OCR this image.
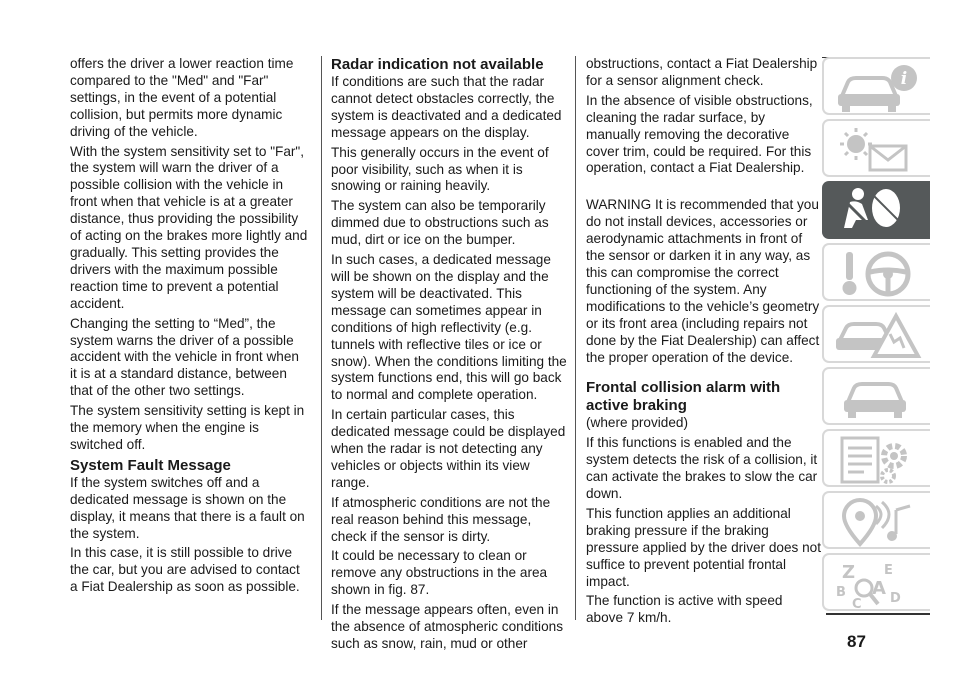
offers the driver a lower reaction time compared to the "Med" and "Far" settings, in the event of a potential collision, but permits more dynamic driving of the vehicle.

With the system sensitivity set to "Far", the system will warn the driver of a possible collision with the vehicle in front when that vehicle is at a greater distance, thus providing the possibility of acting on the brakes more lightly and gradually. This setting provides the drivers with the maximum possible reaction time to prevent a potential accident.

Changing the setting to “Med”, the system warns the driver of a possible accident with the vehicle in front when it is at a standard distance, between that of the other two settings.

The system sensitivity setting is kept in the memory when the engine is switched off.

System Fault Message

If the system switches off and a dedicated message is shown on the display, it means that there is a fault on the system.

In this case, it is still possible to drive the car, but you are advised to contact a Fiat Dealership as soon as possible.

Radar indication not available

If conditions are such that the radar cannot detect obstacles correctly, the system is deactivated and a dedicated message appears on the display.

This generally occurs in the event of poor visibility, such as when it is snowing or raining heavily.

The system can also be temporarily dimmed due to obstructions such as mud, dirt or ice on the bumper.

In such cases, a dedicated message will be shown on the display and the system will be deactivated. This message can sometimes appear in conditions of high reflectivity (e.g. tunnels with reflective tiles or ice or snow). When the conditions limiting the system functions end, this will go back to normal and complete operation.

In certain particular cases, this dedicated message could be displayed when the radar is not detecting any vehicles or objects within its view range.

If atmospheric conditions are not the real reason behind this message, check if the sensor is dirty.

It could be necessary to clean or remove any obstructions in the area shown in fig. 87.

If the message appears often, even in the absence of atmospheric conditions such as snow, rain, mud or other

obstructions, contact a Fiat Dealership for a sensor alignment check.

In the absence of visible obstructions, cleaning the radar surface, by manually removing the decorative cover trim, could be required. For this operation, contact a Fiat Dealership.

WARNING It is recommended that you do not install devices, accessories or aerodynamic attachments in front of the sensor or darken it in any way, as this can compromise the correct functioning of the system. Any modifications to the vehicle’s geometry or its front area (including repairs not done by the Fiat Dealership) can affect the proper operation of the device.

Frontal collision alarm with active braking

(where provided)

If this functions is enabled and the system detects the risk of a collision, it can activate the brakes to slow the car down.

This function applies an additional braking pressure if the braking pressure applied by the driver does not suffice to prevent potential frontal impact.

The function is active with speed above 7 km/h.

i
Z E
B A
C D
87
